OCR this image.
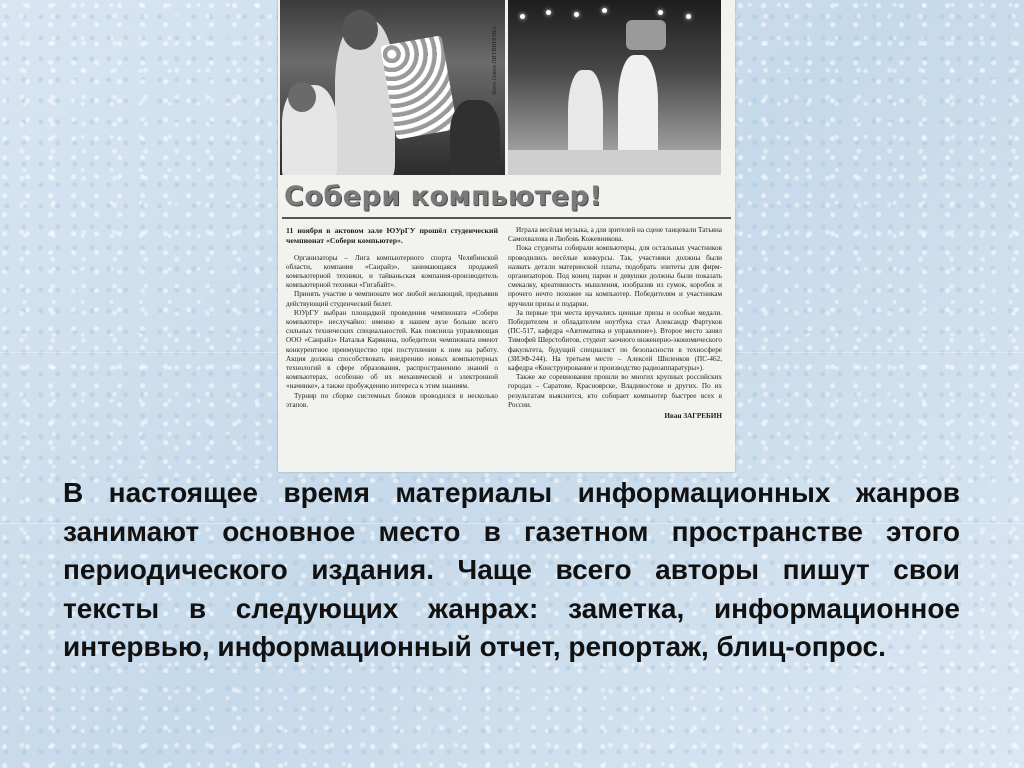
Фото Олега ЛИТВИНОВА
Собери компьютер!

11 ноября в актовом зале ЮУрГУ прошёл студенческий чемпионат «Собери компьютер».

Организаторы – Лига компьютерного спорта Челябинской области, компания «Санрайз», занимающаяся продажей компьютерной техники, и тайваньская компания-производитель компьютерной техники «Гигабайт».

Принять участие в чемпионате мог любой желающий, предъявив действующий студенческий билет.

ЮУрГУ выбран площадкой проведения чемпионата «Собери компьютер» неслучайно: именно в нашем вузе больше всего сильных технических специальностей. Как пояснила управляющая ООО «Санрайз» Наталья Карякина, победители чемпионата имеют конкурентное преимущество при поступлении к ним на работу. Акция должна способствовать внедрению новых компьютерных технологий в сфере образования, распространению знаний о компьютерах, особенно об их механической и электронной «начинке», а также пробуждению интереса к этим знаниям.

Турнир по сборке системных блоков проводился в несколько этапов.

Играла весёлая музыка, а для зрителей на сцене танцевали Татьяна Самохвалова и Любовь Кожевникова.

Пока студенты собирали компьютеры, для остальных участников проводились весёлые конкурсы. Так, участники должны были назвать детали материнской платы, подобрать эпитеты для фирм-организаторов. Под конец парни и девушки должны были показать смекалку, креативность мышления, изобразив из сумок, коробок и прочего нечто похожее на компьютер. Победителям и участникам вручили призы и подарки.

За первые три места вручались ценные призы и особые медали. Победителем и обладателем ноутбука стал Александр Фартуков (ПС-517, кафедра «Автоматика и управление»). Второе место занял Тимофей Шерстобитов, студент заочного инженерно-экономического факультета, будущий специалист по безопасности в техносфере (ЗИЭФ-244). На третьем месте – Алексей Шиленков (ПС-462, кафедра «Конструирование и производство радиоаппаратуры»).

Также же соревнования прошли во многих крупных российских городах – Саратове, Красноярске, Владивостоке и других. По их результатам выяснится, кто собирает компьютер быстрее всех в России.

Иван ЗАГРЕБИН

В настоящее время материалы информационных жанров занимают основное место в газетном пространстве этого периодического издания. Чаще всего авторы пишут свои тексты в следующих жанрах: заметка, информационное интервью, информационный отчет, репортаж, блиц-опрос.
